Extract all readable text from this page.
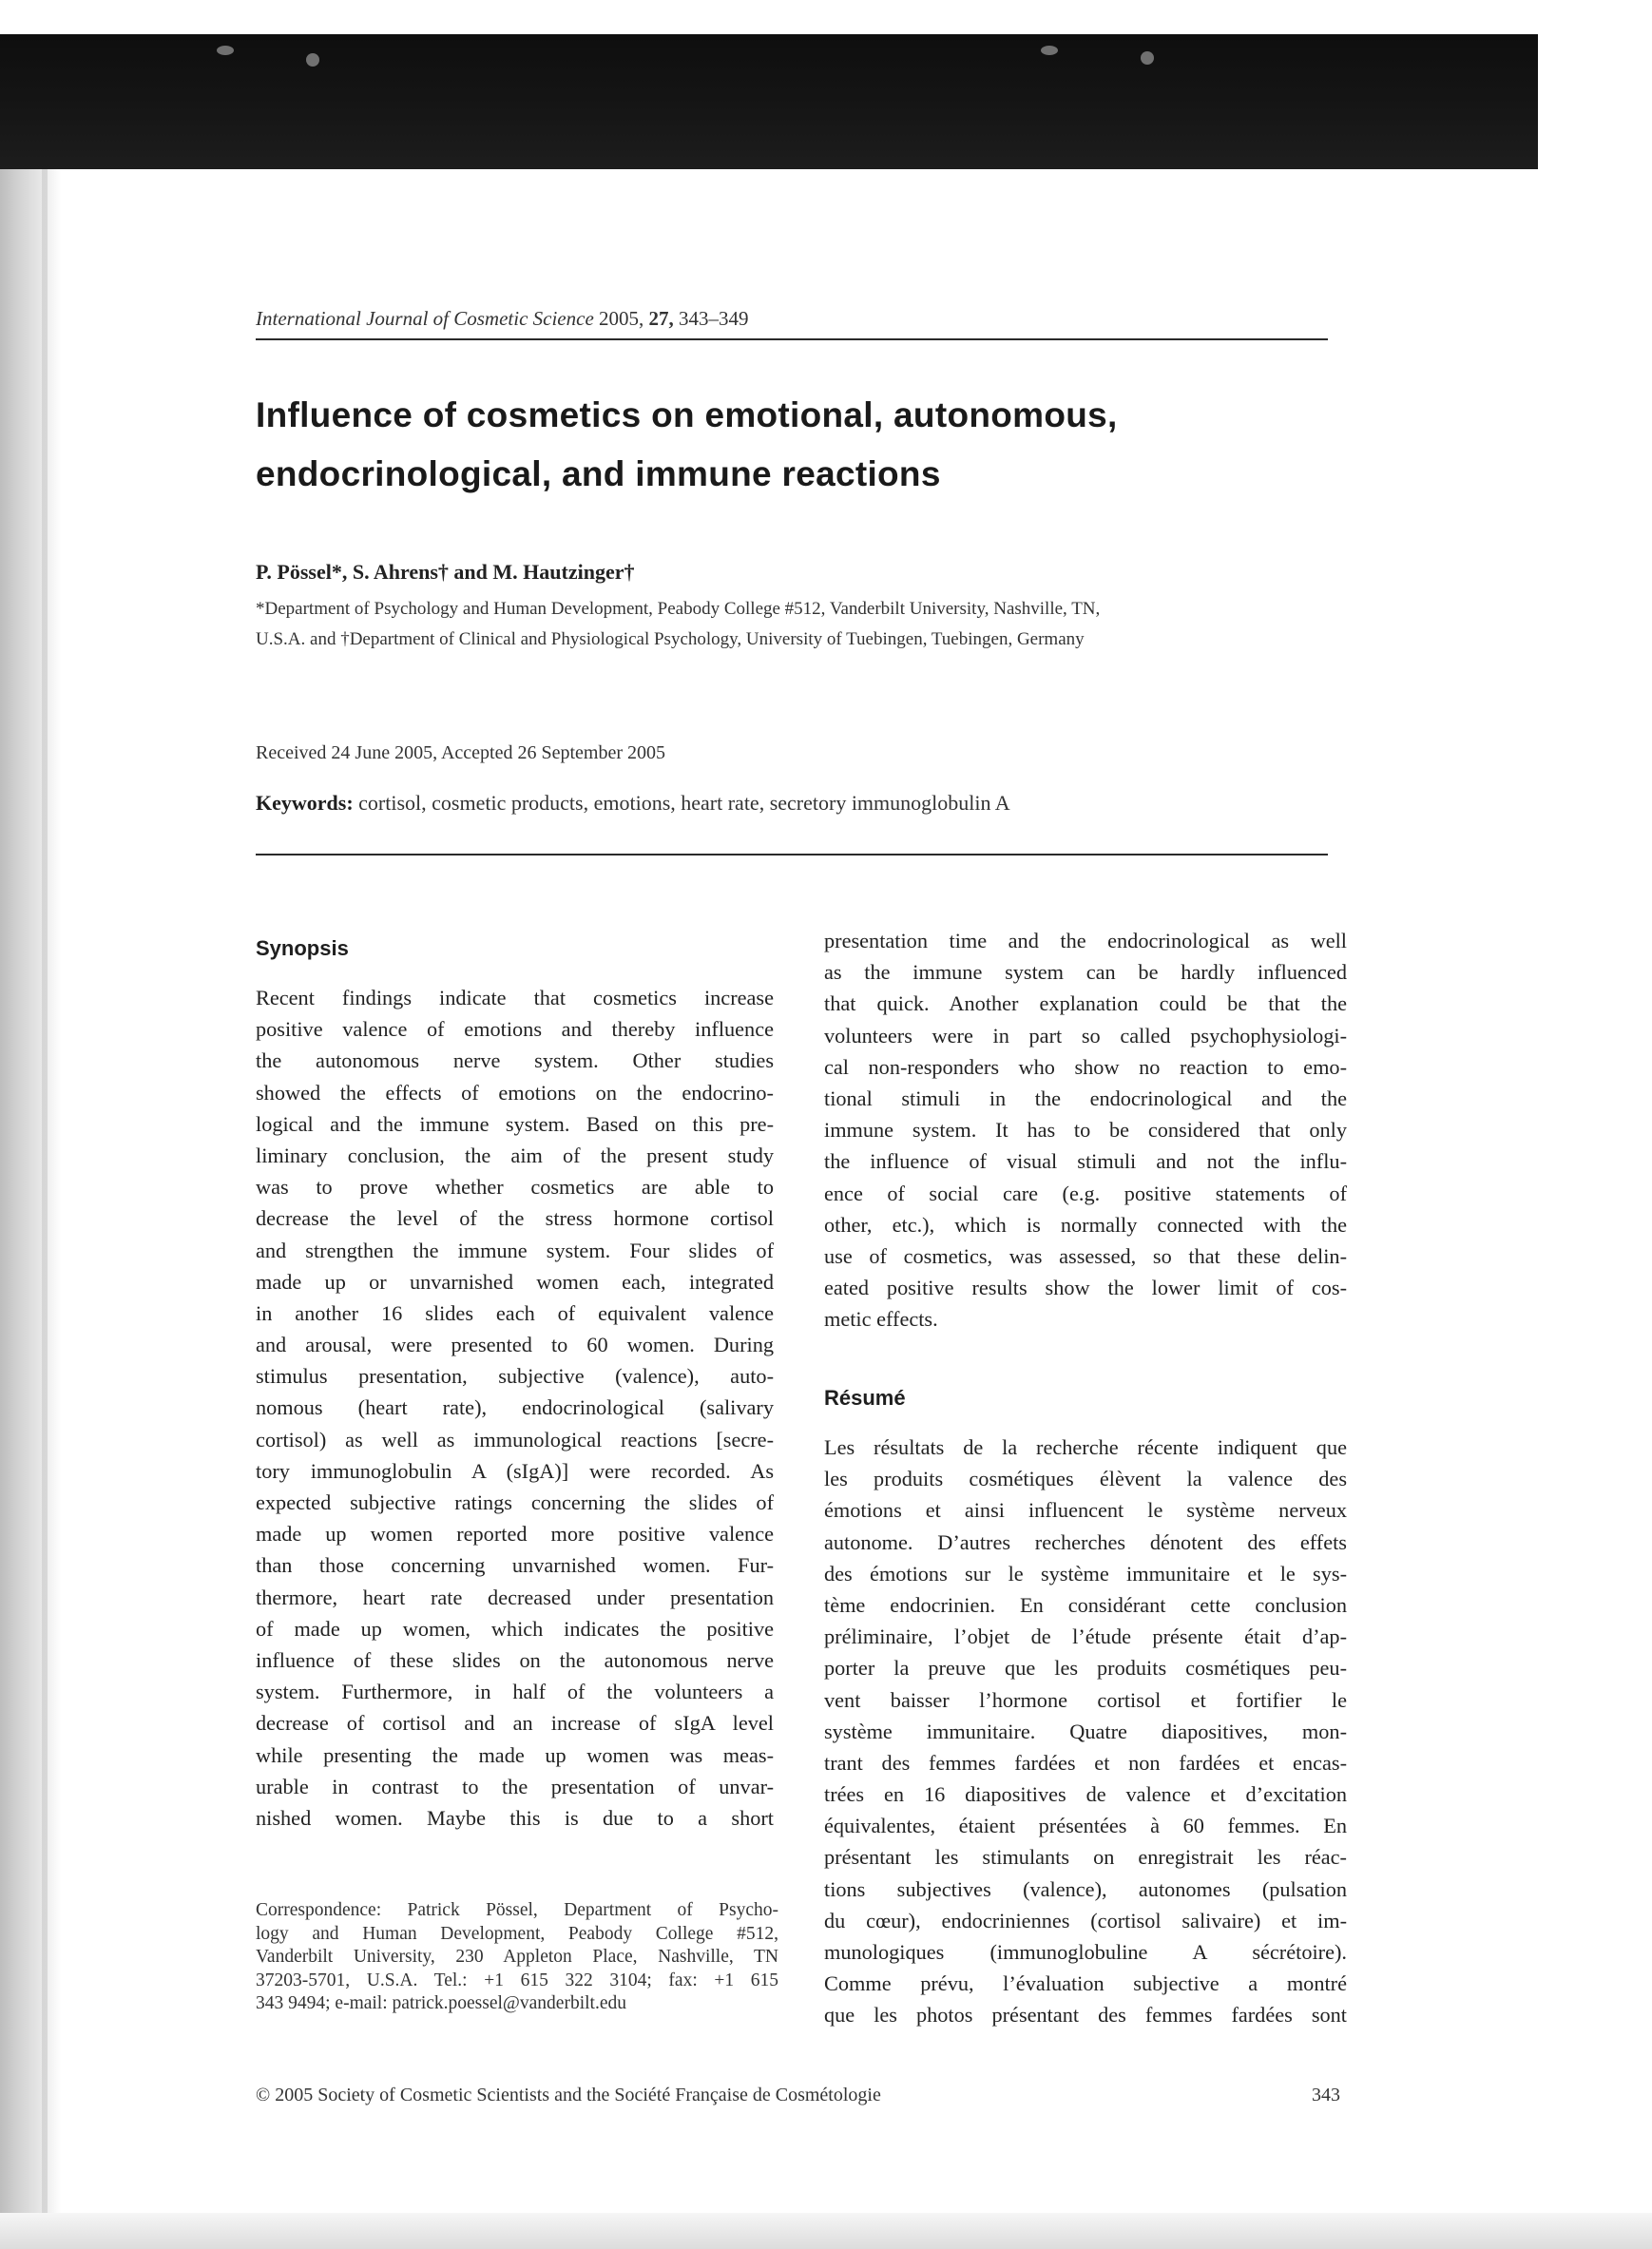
International Journal of Cosmetic Science 2005, 27, 343–349
Influence of cosmetics on emotional, autonomous,
endocrinological, and immune reactions
P. Pössel*, S. Ahrens† and M. Hautzinger†
*Department of Psychology and Human Development, Peabody College #512, Vanderbilt University, Nashville, TN,
U.S.A. and †Department of Clinical and Physiological Psychology, University of Tuebingen, Tuebingen, Germany
Received 24 June 2005, Accepted 26 September 2005
Keywords: cortisol, cosmetic products, emotions, heart rate, secretory immunoglobulin A
Synopsis
Recent findings indicate that cosmetics increase
positive valence of emotions and thereby influence
the autonomous nerve system. Other studies
showed the effects of emotions on the endocrino-
logical and the immune system. Based on this pre-
liminary conclusion, the aim of the present study
was to prove whether cosmetics are able to
decrease the level of the stress hormone cortisol
and strengthen the immune system. Four slides of
made up or unvarnished women each, integrated
in another 16 slides each of equivalent valence
and arousal, were presented to 60 women. During
stimulus presentation, subjective (valence), auto-
nomous (heart rate), endocrinological (salivary
cortisol) as well as immunological reactions [secre-
tory immunoglobulin A (sIgA)] were recorded. As
expected subjective ratings concerning the slides of
made up women reported more positive valence
than those concerning unvarnished women. Fur-
thermore, heart rate decreased under presentation
of made up women, which indicates the positive
influence of these slides on the autonomous nerve
system. Furthermore, in half of the volunteers a
decrease of cortisol and an increase of sIgA level
while presenting the made up women was meas-
urable in contrast to the presentation of unvar-
nished women. Maybe this is due to a short
Correspondence: Patrick Pössel, Department of Psycho-
logy and Human Development, Peabody College #512,
Vanderbilt University, 230 Appleton Place, Nashville, TN
37203-5701, U.S.A. Tel.: +1 615 322 3104; fax: +1 615
343 9494; e-mail: patrick.poessel@vanderbilt.edu
presentation time and the endocrinological as well
as the immune system can be hardly influenced
that quick. Another explanation could be that the
volunteers were in part so called psychophysiologi-
cal non-responders who show no reaction to emo-
tional stimuli in the endocrinological and the
immune system. It has to be considered that only
the influence of visual stimuli and not the influ-
ence of social care (e.g. positive statements of
other, etc.), which is normally connected with the
use of cosmetics, was assessed, so that these delin-
eated positive results show the lower limit of cos-
metic effects.
Résumé
Les résultats de la recherche récente indiquent que
les produits cosmétiques élèvent la valence des
émotions et ainsi influencent le système nerveux
autonome. D’autres recherches dénotent des effets
des émotions sur le système immunitaire et le sys-
tème endocrinien. En considérant cette conclusion
préliminaire, l’objet de l’étude présente était d’ap-
porter la preuve que les produits cosmétiques peu-
vent baisser l’hormone cortisol et fortifier le
système immunitaire. Quatre diapositives, mon-
trant des femmes fardées et non fardées et encas-
trées en 16 diapositives de valence et d’excitation
équivalentes, étaient présentées à 60 femmes. En
présentant les stimulants on enregistrait les réac-
tions subjectives (valence), autonomes (pulsation
du cœur), endocriniennes (cortisol salivaire) et im-
munologiques (immunoglobuline A sécrétoire).
Comme prévu, l’évaluation subjective a montré
que les photos présentant des femmes fardées sont
© 2005 Society of Cosmetic Scientists and the Société Française de Cosmétologie	343
